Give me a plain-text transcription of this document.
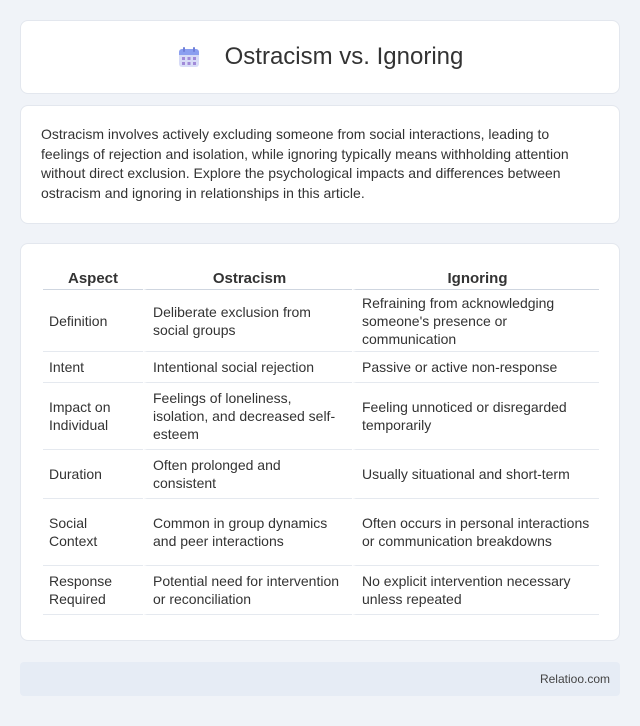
Ostracism vs. Ignoring

Ostracism involves actively excluding someone from social interactions, leading to feelings of rejection and isolation, while ignoring typically means withholding attention without direct exclusion. Explore the psychological impacts and differences between ostracism and ignoring in relationships in this article.

Aspect	Ostracism	Ignoring
Definition	Deliberate exclusion from social groups	Refraining from acknowledging someone's presence or communication
Intent	Intentional social rejection	Passive or active non-response
Impact on Individual	Feelings of loneliness, isolation, and decreased self-esteem	Feeling unnoticed or disregarded temporarily
Duration	Often prolonged and consistent	Usually situational and short-term
Social Context	Common in group dynamics and peer interactions	Often occurs in personal interactions or communication breakdowns
Response Required	Potential need for intervention or reconciliation	No explicit intervention necessary unless repeated
Relatioo.com
